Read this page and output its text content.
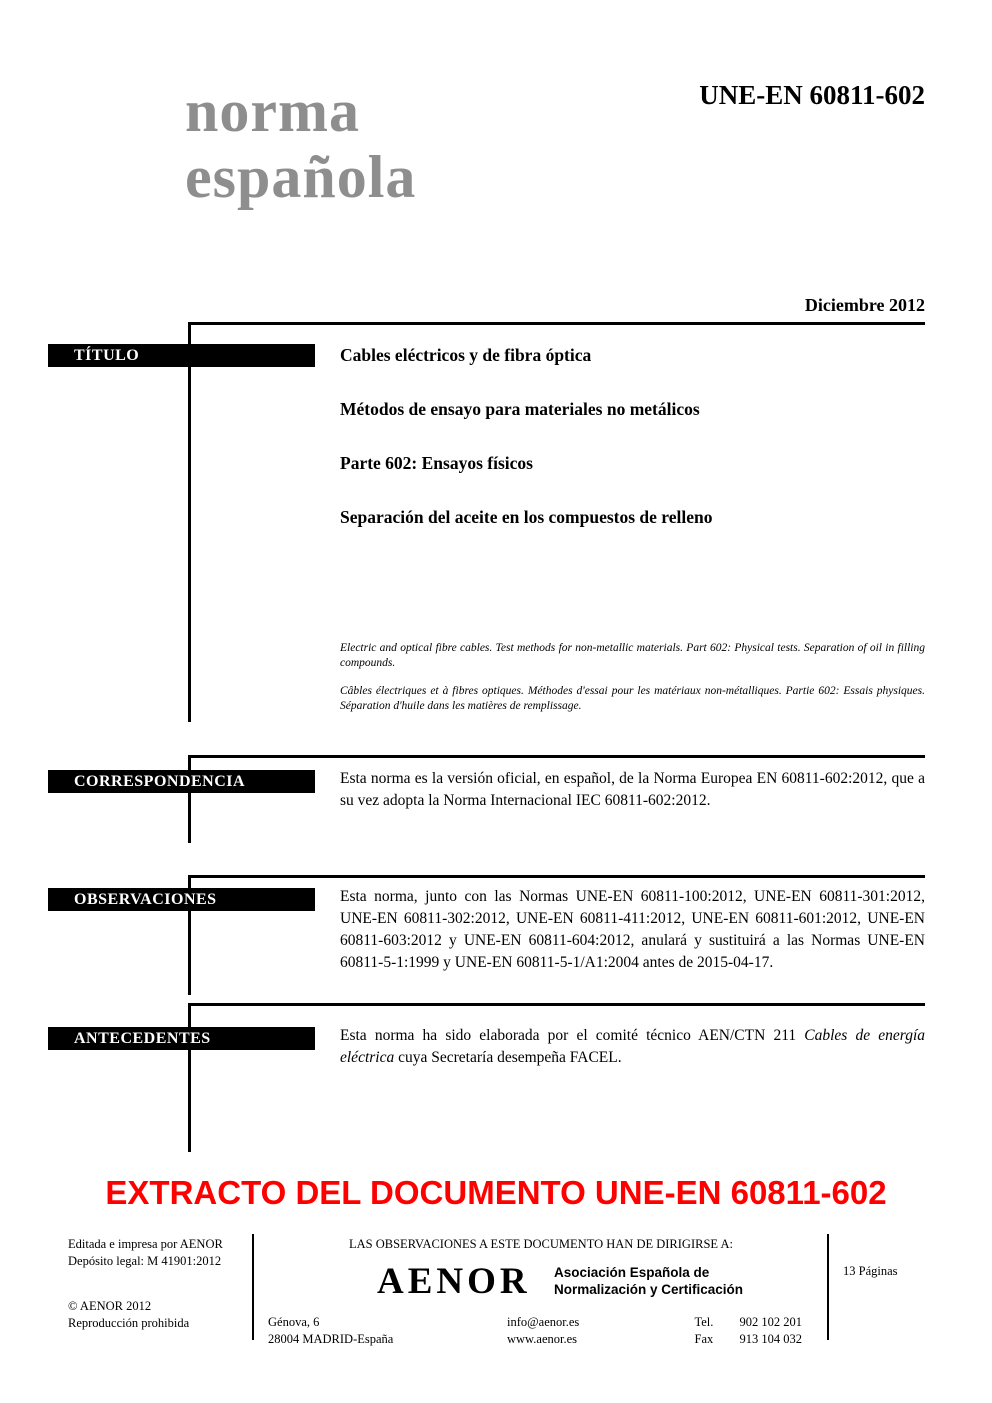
norma
española
UNE-EN 60811-602
Diciembre 2012
TÍTULO	Cables eléctricos y de fibra óptica
Métodos de ensayo para materiales no metálicos
Parte 602: Ensayos físicos
Separación del aceite en los compuestos de relleno

Electric and optical fibre cables. Test methods for non-metallic materials. Part 602: Physical tests. Separation of oil in filling compounds.

Câbles électriques et à fibres optiques. Méthodes d'essai pour les matériaux non-métalliques. Partie 602: Essais physiques. Séparation d'huile dans les matières de remplissage.

CORRESPONDENCIA	Esta norma es la versión oficial, en español, de la Norma Europea EN 60811-602:2012, que a su vez adopta la Norma Internacional IEC 60811-602:2012.

OBSERVACIONES	Esta norma, junto con las Normas UNE-EN 60811-100:2012, UNE-EN 60811-301:2012, UNE-EN 60811-302:2012, UNE-EN 60811-411:2012, UNE-EN 60811-601:2012, UNE-EN 60811-603:2012 y UNE-EN 60811-604:2012, anulará y sustituirá a las Normas UNE-EN 60811-5-1:1999 y UNE-EN 60811-5-1/A1:2004 antes de 2015-04-17.

ANTECEDENTES	Esta norma ha sido elaborada por el comité técnico AEN/CTN 211 Cables de energía eléctrica cuya Secretaría desempeña FACEL.

EXTRACTO DEL DOCUMENTO UNE-EN 60811-602
Editada e impresa por AENOR
Depósito legal: M 41901:2012
© AENOR 2012
Reproducción prohibida
LAS OBSERVACIONES A ESTE DOCUMENTO HAN DE DIRIGIRSE A:
AENOR Asociación Española de
Normalización y Certificación
Génova, 6
28004 MADRID-España
info@aenor.es
www.aenor.es
Tel.	902 102 201
Fax	913 104 032
13 Páginas
